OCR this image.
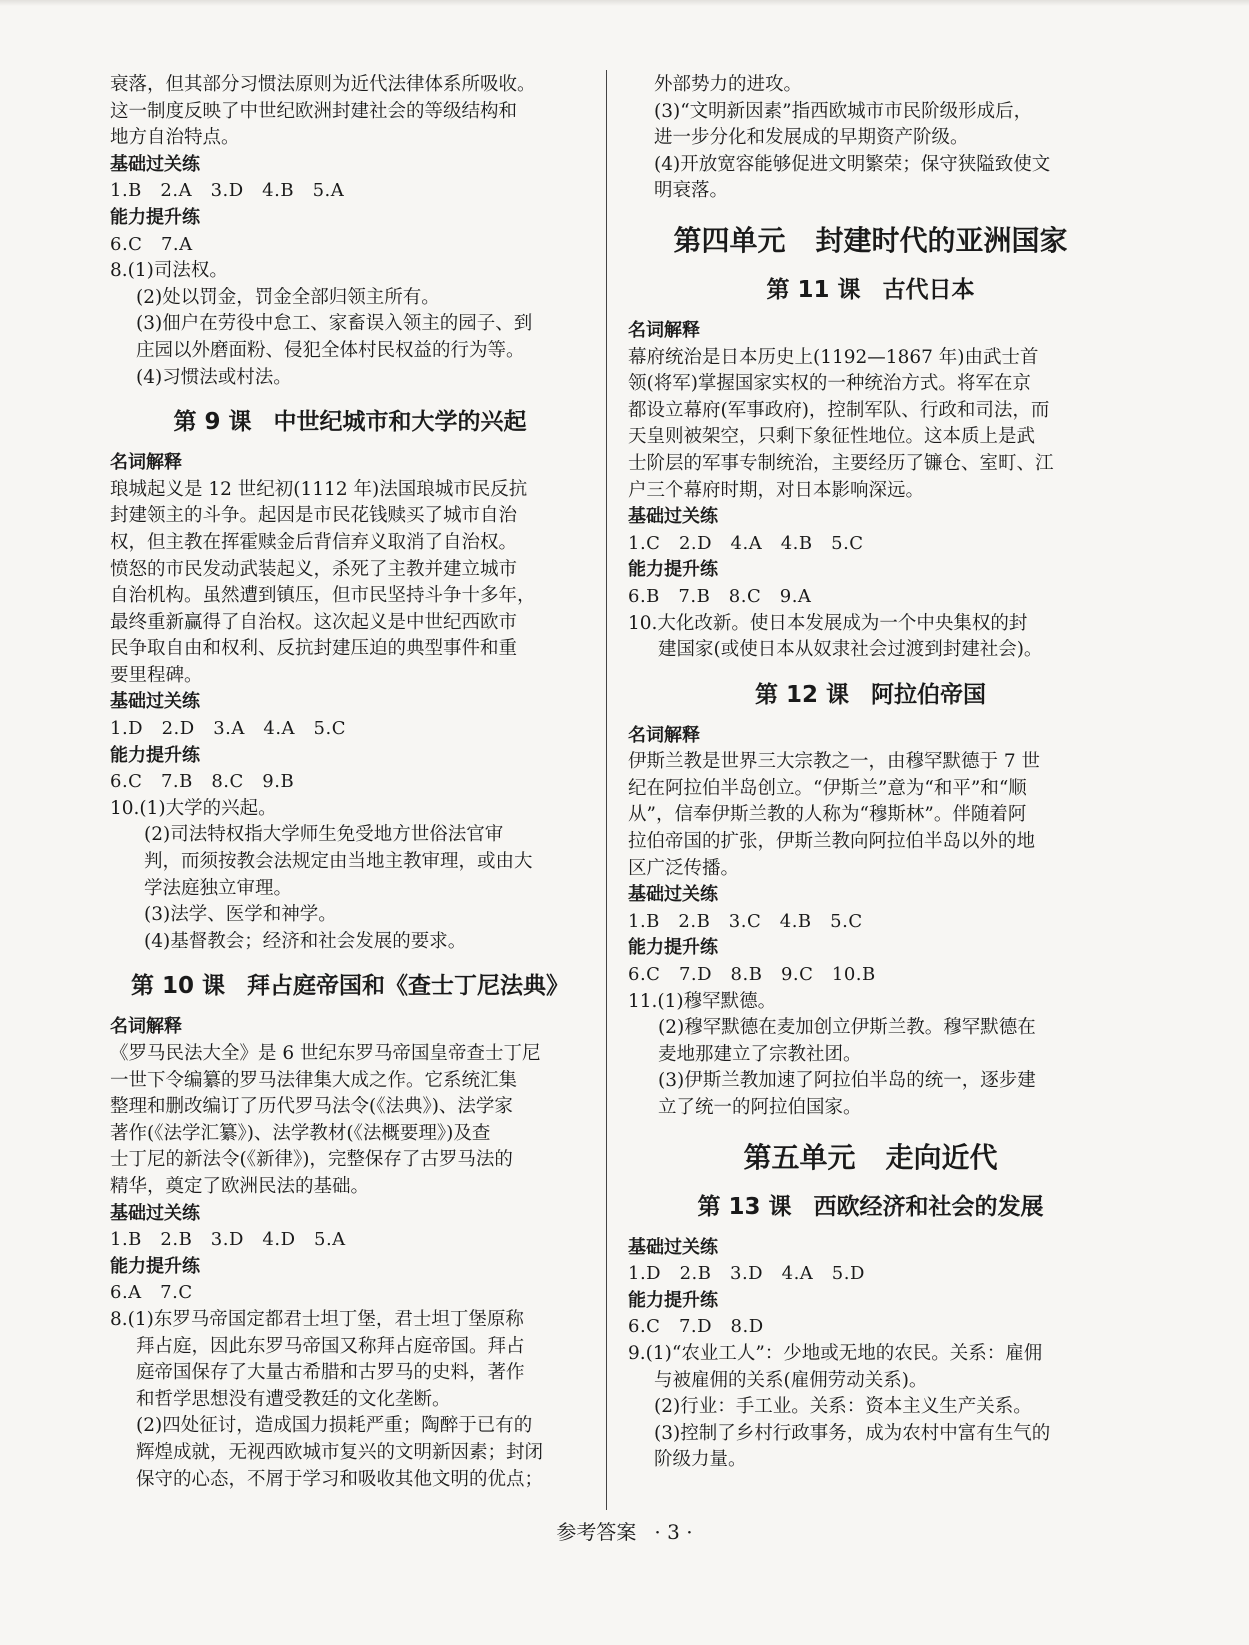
衰落，但其部分习惯法原则为近代法律体系所吸收。

这一制度反映了中世纪欧洲封建社会的等级结构和

地方自治特点。

基础过关练

1.B　2.A　3.D　4.B　5.A

能力提升练

6.C　7.A

8.(1)司法权。

(2)处以罚金，罚金全部归领主所有。

(3)佃户在劳役中怠工、家畜误入领主的园子、到

庄园以外磨面粉、侵犯全体村民权益的行为等。

(4)习惯法或村法。

第 9 课 中世纪城市和大学的兴起

名词解释

琅城起义是 12 世纪初(1112 年)法国琅城市民反抗

封建领主的斗争。起因是市民花钱赎买了城市自治

权，但主教在挥霍赎金后背信弃义取消了自治权。

愤怒的市民发动武装起义，杀死了主教并建立城市

自治机构。虽然遭到镇压，但市民坚持斗争十多年，

最终重新赢得了自治权。这次起义是中世纪西欧市

民争取自由和权利、反抗封建压迫的典型事件和重

要里程碑。

基础过关练

1.D　2.D　3.A　4.A　5.C

能力提升练

6.C　7.B　8.C　9.B

10.(1)大学的兴起。

(2)司法特权指大学师生免受地方世俗法官审

判，而须按教会法规定由当地主教审理，或由大

学法庭独立审理。

(3)法学、医学和神学。

(4)基督教会；经济和社会发展的要求。

第 10 课 拜占庭帝国和《查士丁尼法典》

名词解释

《罗马民法大全》是 6 世纪东罗马帝国皇帝查士丁尼

一世下令编纂的罗马法律集大成之作。它系统汇集

整理和删改编订了历代罗马法令(《法典》)、法学家

著作(《法学汇纂》)、法学教材(《法概要理》)及查

士丁尼的新法令(《新律》)，完整保存了古罗马法的

精华，奠定了欧洲民法的基础。

基础过关练

1.B　2.B　3.D　4.D　5.A

能力提升练

6.A　7.C

8.(1)东罗马帝国定都君士坦丁堡，君士坦丁堡原称

拜占庭，因此东罗马帝国又称拜占庭帝国。拜占

庭帝国保存了大量古希腊和古罗马的史料，著作

和哲学思想没有遭受教廷的文化垄断。

(2)四处征讨，造成国力损耗严重；陶醉于已有的

辉煌成就，无视西欧城市复兴的文明新因素；封闭

保守的心态，不屑于学习和吸收其他文明的优点；

外部势力的进攻。

(3)“文明新因素”指西欧城市市民阶级形成后，

进一步分化和发展成的早期资产阶级。

(4)开放宽容能够促进文明繁荣；保守狭隘致使文

明衰落。

第四单元 封建时代的亚洲国家
第 11 课 古代日本

名词解释

幕府统治是日本历史上(1192—1867 年)由武士首

领(将军)掌握国家实权的一种统治方式。将军在京

都设立幕府(军事政府)，控制军队、行政和司法，而

天皇则被架空，只剩下象征性地位。这本质上是武

士阶层的军事专制统治，主要经历了镰仓、室町、江

户三个幕府时期，对日本影响深远。

基础过关练

1.C　2.D　4.A　4.B　5.C

能力提升练

6.B　7.B　8.C　9.A

10.大化改新。使日本发展成为一个中央集权的封

建国家(或使日本从奴隶社会过渡到封建社会)。

第 12 课 阿拉伯帝国

名词解释

伊斯兰教是世界三大宗教之一，由穆罕默德于 7 世

纪在阿拉伯半岛创立。“伊斯兰”意为“和平”和“顺

从”，信奉伊斯兰教的人称为“穆斯林”。伴随着阿

拉伯帝国的扩张，伊斯兰教向阿拉伯半岛以外的地

区广泛传播。

基础过关练

1.B　2.B　3.C　4.B　5.C

能力提升练

6.C　7.D　8.B　9.C　10.B

11.(1)穆罕默德。

(2)穆罕默德在麦加创立伊斯兰教。穆罕默德在

麦地那建立了宗教社团。

(3)伊斯兰教加速了阿拉伯半岛的统一，逐步建

立了统一的阿拉伯国家。

第五单元 走向近代
第 13 课 西欧经济和社会的发展

基础过关练

1.D　2.B　3.D　4.A　5.D

能力提升练

6.C　7.D　8.D

9.(1)“农业工人”：少地或无地的农民。关系：雇佣

与被雇佣的关系(雇佣劳动关系)。

(2)行业：手工业。关系：资本主义生产关系。

(3)控制了乡村行政事务，成为农村中富有生气的

阶级力量。

参考答案 · 3 ·
